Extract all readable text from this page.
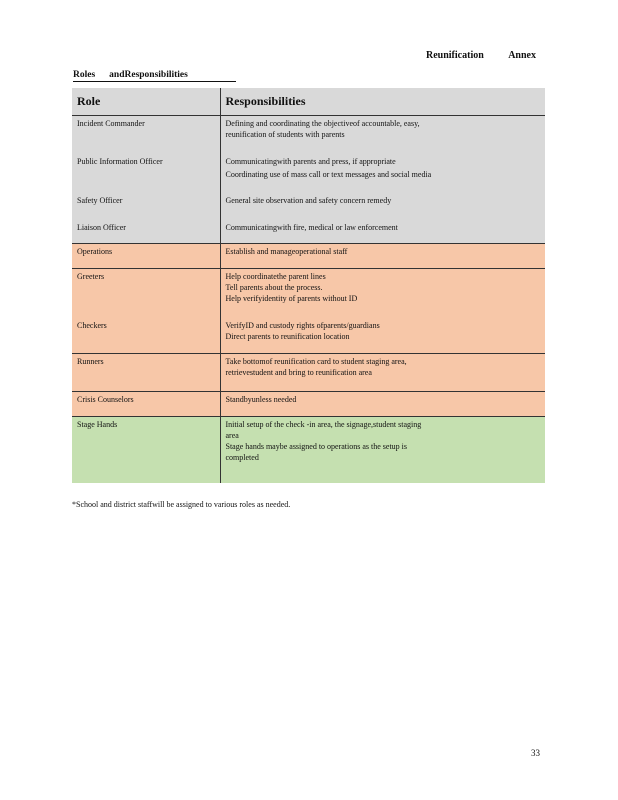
Reunification Annex
Roles andResponsibilities
Role	Responsibilities
Incident Commander	Defining and coordinating the objectiveof accountable, easy,
reunification of students with parents

Public Information Officer	Communicatingwith parents and press, if appropriate
Coordinating use of mass call or text messages and social media

Safety Officer	General site observation and safety concern remedy

Liaison Officer	Communicatingwith fire, medical or law enforcement

Operations	Establish and manageoperational staff

Greeters	Help coordinatethe parent lines
Tell parents about the process.
Help verifyidentity of parents without ID

Checkers	VerifyID and custody rights ofparents/guardians
Direct parents to reunification location

Runners	Take bottomof reunification card to student staging area,
retrievestudent and bring to reunification area

Crisis Counselors	Standbyunless needed

Stage Hands	Initial setup of the check -in area, the signage,student staging
area
Stage hands maybe assigned to operations as the setup is
completed
*School and district staffwill be assigned to various roles as needed.
33
